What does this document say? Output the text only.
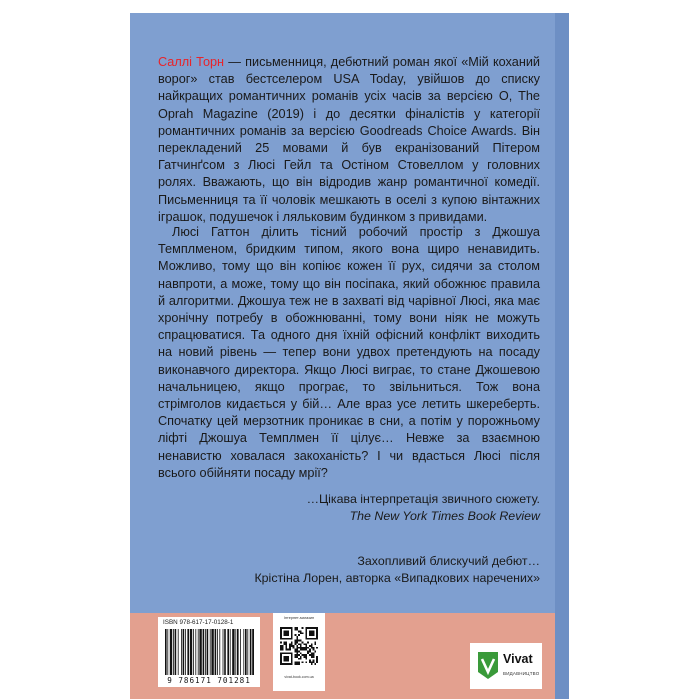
Саллі Торн — письменниця, дебютний роман якої «Мій коханий ворог» став бестселером USA Today, увійшов до списку найкращих романтичних романів усіх часів за версією O, The Oprah Magazine (2019) і до десятки фіналістів у категорії романтичних романів за версією Goodreads Choice Awards. Він перекладений 25 мовами й був екранізований Пітером Гатчинґсом з Люсі Гейл та Остіном Стовеллом у головних ролях. Вважають, що він відродив жанр романтичної комедії. Письменниця та її чоловік мешкають в оселі з купою вінтажних іграшок, подушечок і ляльковим будинком з привидами.
Люсі Гаттон ділить тісний робочий простір з Джошуа Темплменом, бридким типом, якого вона щиро ненавидить. Можливо, тому що він копіює кожен її рух, сидячи за столом навпроти, а може, тому що він посіпака, який обожнює правила й алгоритми. Джошуа теж не в захваті від чарівної Люсі, яка має хронічну потребу в обожнюванні, тому вони ніяк не можуть спрацюватися. Та одного дня їхній офісний конфлікт виходить на новий рівень — тепер вони удвох претендують на посаду виконавчого директора. Якщо Люсі виграє, то стане Джошевою начальницею, якщо програє, то звільниться. Тож вона стрімголов кидається у бій… Але враз усе летить шкереберть. Спочатку цей мерзотник проникає в сни, а потім у порожньому ліфті Джошуа Темплмен її цілує… Невже за взаємною ненавистю ховалася закоханість? І чи вдасться Люсі після всього обійняти посаду мрії?
…Цікава інтерпретація звичного сюжету.
The New York Times Book Review
Захопливий блискучий дебют…
Крістіна Лорен, авторка «Випадкових наречених»
ISBN 978-617-17-0128-1
9 786171 701281
Інтернет-магазин
vivat-book.com.ua
Vivat
ВИДАВНИЦТВО
